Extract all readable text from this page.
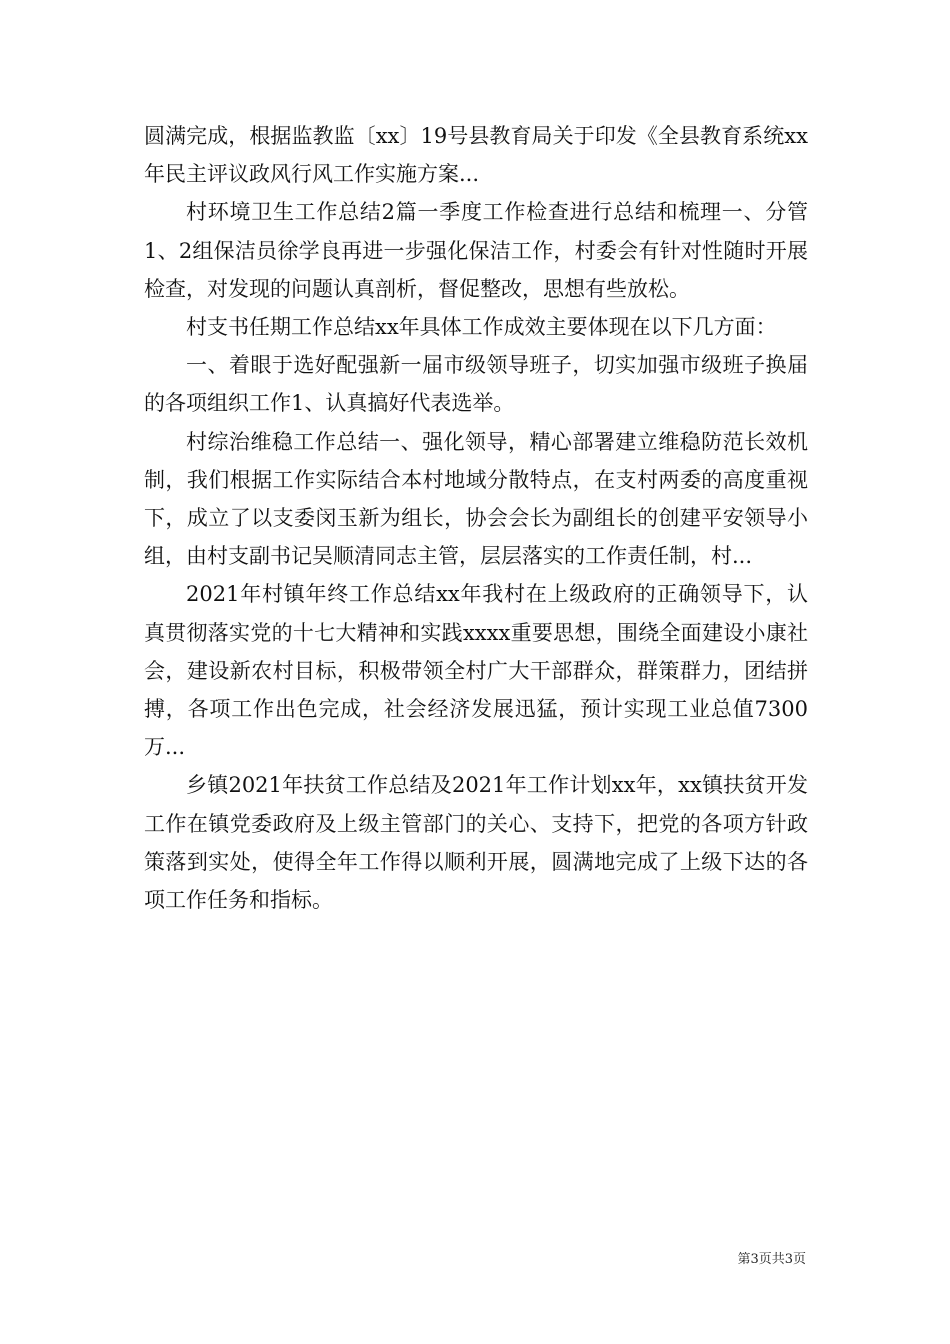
圆满完成，根据监教监〔xx〕19号县教育局关于印发《全县教育系统xx年民主评议政风行风工作实施方案...

村环境卫生工作总结2篇一季度工作检查进行总结和梳理一、分管1、2组保洁员徐学良再进一步强化保洁工作，村委会有针对性随时开展检查，对发现的问题认真剖析，督促整改，思想有些放松。

村支书任期工作总结xx年具体工作成效主要体现在以下几方面：

一、着眼于选好配强新一届市级领导班子，切实加强市级班子换届的各项组织工作1、认真搞好代表选举。

村综治维稳工作总结一、强化领导，精心部署建立维稳防范长效机制，我们根据工作实际结合本村地域分散特点，在支村两委的高度重视下，成立了以支委闵玉新为组长，协会会长为副组长的创建平安领导小组，由村支副书记吴顺清同志主管，层层落实的工作责任制，村...

2021年村镇年终工作总结xx年我村在上级政府的正确领导下，认真贯彻落实党的十七大精神和实践xxxx重要思想，围绕全面建设小康社会，建设新农村目标，积极带领全村广大干部群众，群策群力，团结拼搏，各项工作出色完成，社会经济发展迅猛，预计实现工业总值7300万...

乡镇2021年扶贫工作总结及2021年工作计划xx年，xx镇扶贫开发工作在镇党委政府及上级主管部门的关心、支持下，把党的各项方针政策落到实处，使得全年工作得以顺利开展，圆满地完成了上级下达的各项工作任务和指标。

第3页共3页
